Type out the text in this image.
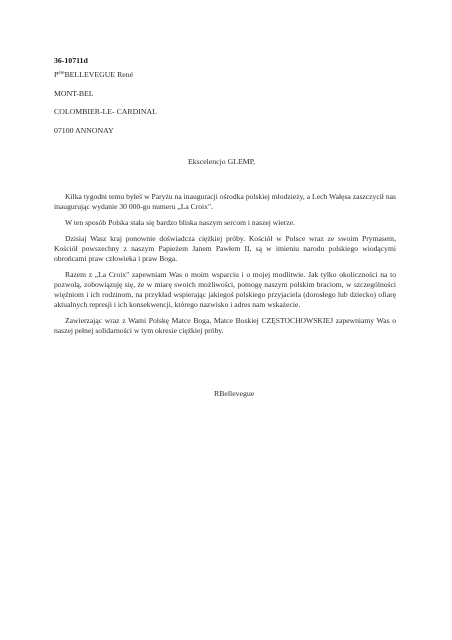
36-10711d
$P^{ère}BELLEVEGUE$ René
MONT-BEL
COLOMBIER-LE- CARDINAL
07100 ANNONAY
Ekscelencjo GLEMP,

Kilka tygodni temu byłeś w Paryżu na inauguracji ośrodka polskiej młodzieży, a Lech Wałęsa zaszczycił nas inaugurując wydanie 30 000-go numeru „La Croix".

W ten sposób Polska stała się bardzo bliska naszym sercom i naszej wierze.

Dzisiaj Wasz kraj ponownie doświadcza ciężkiej próby. Kościół w Polsce wraz ze swoim Prymasem, Kościół powszechny z naszym Papieżem Janem Pawłem II, są w imieniu narodu polskiego wiodącymi obrońcami praw człowieka i praw Boga.

Razem z „La Croix" zapewniam Was o moim wsparciu i o mojej modlitwie. Jak tylko okoliczności na to pozwolą, zobowiązuję się, że w miarę swoich możliwości, pomogę naszym polskim braciom, w szczególności więźniom i ich rodzinom, na przykład wspierając jakiegoś polskiego przyjaciela (dorosłego lub dziecko) ofiarę aktualnych represji i ich konsekwencji, którego nazwisko i adres nam wskażecie.

Zawierzając wraz z Wami Polskę Matce Boga, Matce Boskiej CZĘSTOCHOWSKIEJ zapewniamy Was o naszej pełnej solidarności w tym okresie ciężkiej próby.

RBellevegue
